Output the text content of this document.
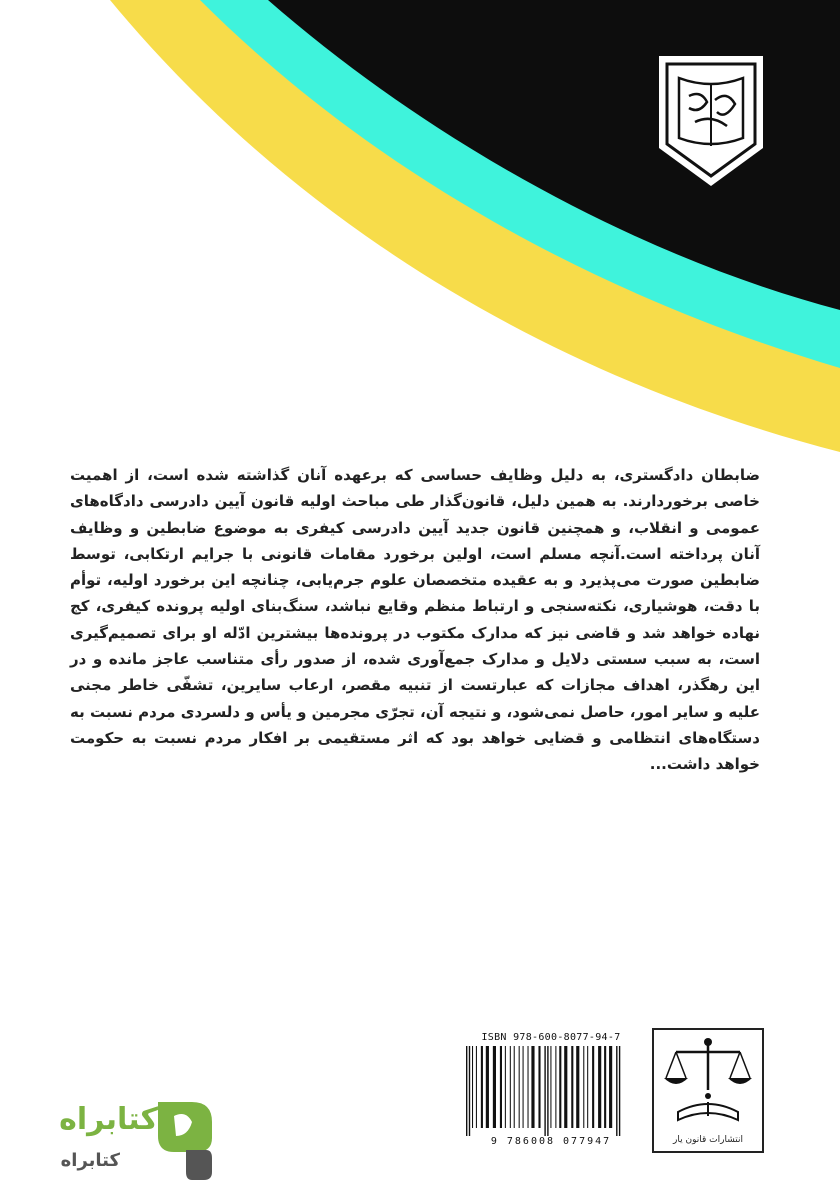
ضابطان دادگستری، به دلیل وظایف حساسی که برعهده آنان گذاشته شده است، از اهمیت خاصی برخوردارند. به همین دلیل، قانون‌گذار طی مباحث اولیه قانون آیین دادرسی دادگاه‌های عمومی و انقلاب، و همچنین قانون جدید آیین دادرسی کیفری به موضوع ضابطین و وظایف آنان پرداخته است.آنچه مسلم است، اولین برخورد مقامات قانونی با جرایم ارتکابی، توسط ضابطین صورت می‌پذیرد و به عقیده متخصصان علوم جرم‌یابی، چنانچه این برخورد اولیه، توأم با دقت، هوشیاری، نکته‌سنجی و ارتباط منظم وقایع نباشد، سنگ‌بنای اولیه پرونده کیفری، کج نهاده خواهد شد و قاضی نیز که مدارک مکتوب در پرونده‌ها بیشترین ادّله او برای تصمیم‌گیری است، به سبب سستی دلایل و مدارک جمع‌آوری شده، از صدور رأی متناسب عاجز مانده و در این رهگذر، اهداف مجازات که عبارتست از تنبیه مقصر، ارعاب سایرین، تشفّی خاطر مجنی علیه و سایر امور، حاصل نمی‌شود، و نتیجه آن، تجرّی مجرمین و یأس و دلسردی مردم نسبت به دستگاه‌های انتظامی و قضایی خواهد بود که اثر مستقیمی بر افکار مردم نسبت به حکومت خواهد داشت...
ISBN 978-600-8077-94-7
9 786008 077947	انتشارات قانون یار
کتابراه
کتابراه
